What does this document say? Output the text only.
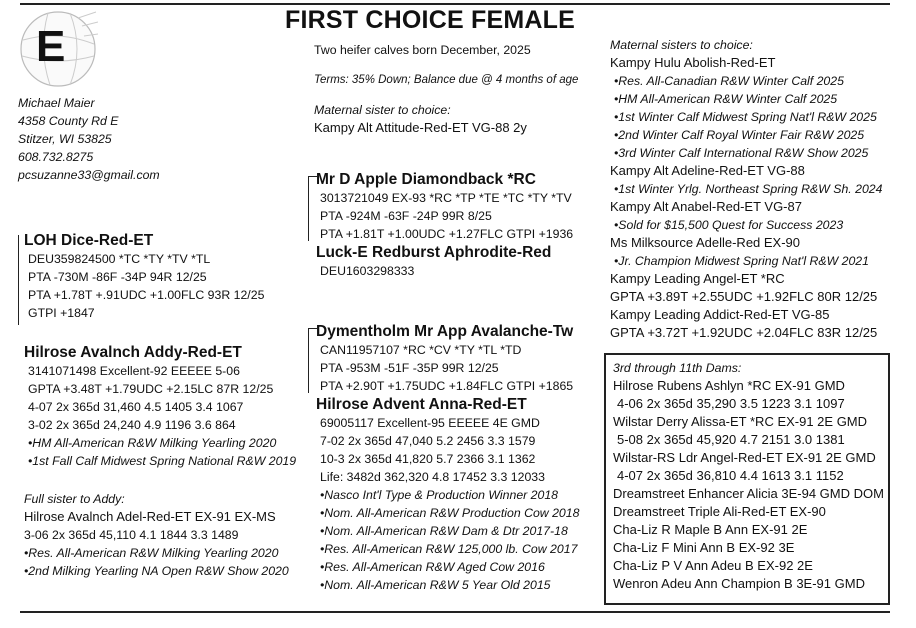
E
FIRST CHOICE FEMALE
Michael Maier
4358 County Rd E
Stitzer, WI 53825
608.732.8275
pcsuzanne33@gmail.com
LOH Dice-Red-ET
DEU359824500 *TC *TY *TV *TL
PTA -730M -86F -34P 94R 12/25
PTA +1.78T +.91UDC +1.00FLC 93R 12/25
GTPI +1847
Hilrose Avalnch Addy-Red-ET
3141071498 Excellent-92 EEEEE 5-06
GPTA +3.48T +1.79UDC +2.15LC 87R 12/25
4-07 2x 365d 31,460 4.5 1405 3.4 1067
3-02 2x 365d 24,240 4.9 1196 3.6 864
•HM All-American R&W Milking Yearling 2020
•1st Fall Calf Midwest Spring National R&W 2019
Full sister to Addy:
Hilrose Avalnch Adel-Red-ET EX-91 EX-MS
3-06 2x 365d 45,110 4.1 1844 3.3 1489
•Res. All-American R&W Milking Yearling 2020
•2nd Milking Yearling NA Open R&W Show 2020
Two heifer calves born December, 2025
Terms: 35% Down; Balance due @ 4 months of age
Maternal sister to choice:
Kampy Alt Attitude-Red-ET VG-88 2y
Mr D Apple Diamondback *RC
3013721049 EX-93 *RC *TP *TE *TC *TY *TV
PTA -924M -63F -24P 99R 8/25
PTA +1.81T +1.00UDC +1.27FLC GTPI +1936
Luck-E Redburst Aphrodite-Red
DEU1603298333
Dymentholm Mr App Avalanche-Tw
CAN11957107 *RC *CV *TY *TL *TD
PTA -953M -51F -35P 99R 12/25
PTA +2.90T +1.75UDC +1.84FLC GTPI +1865
Hilrose Advent Anna-Red-ET
69005117 Excellent-95 EEEEE 4E GMD
7-02 2x 365d 47,040 5.2 2456 3.3 1579
10-3 2x 365d 41,820 5.7 2366 3.1 1362
Life: 3482d 362,320 4.8 17452 3.3 12033
•Nasco Int'l Type & Production Winner 2018
•Nom. All-American R&W Production Cow 2018
•Nom. All-American R&W Dam & Dtr 2017-18
•Res. All-American R&W 125,000 lb. Cow 2017
•Res. All-American R&W Aged Cow 2016
•Nom. All-American R&W 5 Year Old 2015
Maternal sisters to choice:
Kampy Hulu Abolish-Red-ET
•Res. All-Canadian R&W Winter Calf 2025
•HM All-American R&W Winter Calf 2025
•1st Winter Calf Midwest Spring Nat'l R&W 2025
•2nd Winter Calf Royal Winter Fair R&W 2025
•3rd Winter Calf International R&W Show 2025
Kampy Alt Adeline-Red-ET VG-88
•1st Winter Yrlg. Northeast Spring R&W Sh. 2024
Kampy Alt Anabel-Red-ET VG-87
•Sold for $15,500 Quest for Success 2023
Ms Milksource Adelle-Red EX-90
•Jr. Champion Midwest Spring Nat'l R&W 2021
Kampy Leading Angel-ET *RC
GPTA +3.89T +2.55UDC +1.92FLC 80R 12/25
Kampy Leading Addict-Red-ET VG-85
GPTA +3.72T +1.92UDC +2.04FLC 83R 12/25
3rd through 11th Dams:
Hilrose Rubens Ashlyn *RC EX-91 GMD
4-06 2x 365d 35,290 3.5 1223 3.1 1097
Wilstar Derry Alissa-ET *RC EX-91 2E GMD
5-08 2x 365d 45,920 4.7 2151 3.0 1381
Wilstar-RS Ldr Angel-Red-ET EX-91 2E GMD
4-07 2x 365d 36,810 4.4 1613 3.1 1152
Dreamstreet Enhancer Alicia 3E-94 GMD DOM
Dreamstreet Triple Ali-Red-ET EX-90
Cha-Liz R Maple B Ann EX-91 2E
Cha-Liz F Mini Ann B EX-92 3E
Cha-Liz P V Ann Adeu B EX-92 2E
Wenron Adeu Ann Champion B 3E-91 GMD
